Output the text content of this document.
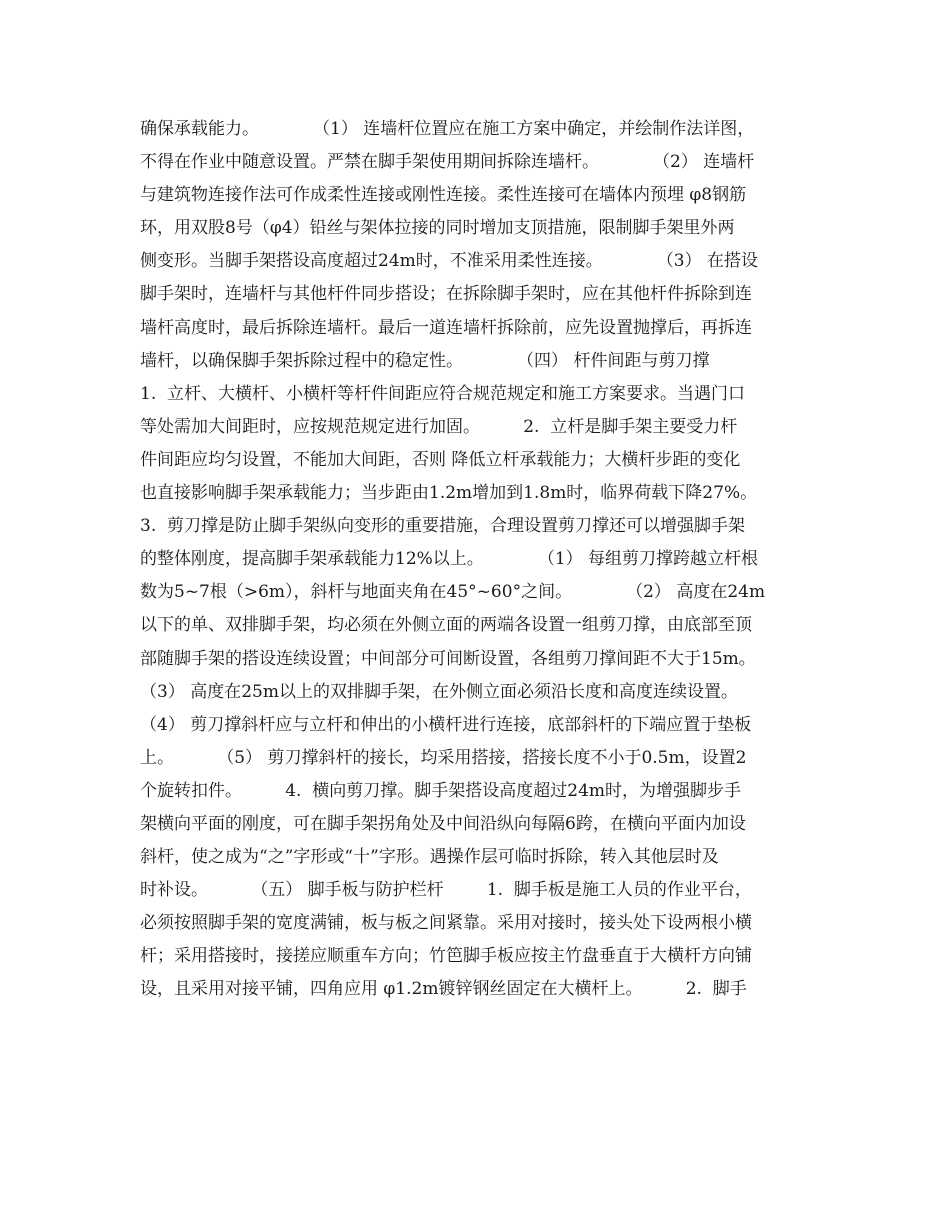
确保承载能力。          （1） 连墙杆位置应在施工方案中确定，并绘制作法详图，
不得在作业中随意设置。严禁在脚手架使用期间拆除连墙杆。          （2） 连墙杆
与建筑物连接作法可作成柔性连接或刚性连接。柔性连接可在墙体内预埋 φ8钢筋
环，用双股8号（φ4）铅丝与架体拉接的同时增加支顶措施，限制脚手架里外两
侧变形。当脚手架搭设高度超过24m时，不准采用柔性连接。          （3） 在搭设
脚手架时，连墙杆与其他杆件同步搭设；在拆除脚手架时，应在其他杆件拆除到连
墙杆高度时，最后拆除连墙杆。最后一道连墙杆拆除前，应先设置抛撑后，再拆连
墙杆，以确保脚手架拆除过程中的稳定性。          （四） 杆件间距与剪刀撑
1.  立杆、大横杆、小横杆等杆件间距应符合规范规定和施工方案要求。当遇门口
等处需加大间距时，应按规范规定进行加固。        2.  立杆是脚手架主要受力杆
件间距应均匀设置，不能加大间距，否则 降低立杆承载能力；大横杆步距的变化
也直接影响脚手架承载能力；当步距由1.2m增加到1.8m时，临界荷载下降27%。
3.  剪刀撑是防止脚手架纵向变形的重要措施，合理设置剪刀撑还可以增强脚手架
的整体刚度，提高脚手架承载能力12%以上。          （1） 每组剪刀撑跨越立杆根
数为5~7根（>6m），斜杆与地面夹角在45°~60°之间。          （2） 高度在24m
以下的单、双排脚手架，均必须在外侧立面的两端各设置一组剪刀撑，由底部至顶
部随脚手架的搭设连续设置；中间部分可间断设置，各组剪刀撑间距不大于15m。
（3） 高度在25m以上的双排脚手架，在外侧立面必须沿长度和高度连续设置。
（4） 剪刀撑斜杆应与立杆和伸出的小横杆进行连接，底部斜杆的下端应置于垫板
上。        （5） 剪刀撑斜杆的接长，均采用搭接，搭接长度不小于0.5m，设置2
个旋转扣件。        4.  横向剪刀撑。脚手架搭设高度超过24m时，为增强脚步手
架横向平面的刚度，可在脚手架拐角处及中间沿纵向每隔6跨，在横向平面内加设
斜杆，使之成为“之”字形或“十”字形。遇操作层可临时拆除，转入其他层时及
时补设。        （五） 脚手板与防护栏杆        1.  脚手板是施工人员的作业平台，
必须按照脚手架的宽度满铺，板与板之间紧靠。采用对接时，接头处下设两根小横
杆；采用搭接时，接搓应顺重车方向；竹笆脚手板应按主竹盘垂直于大横杆方向铺
设，且采用对接平铺，四角应用 φ1.2m镀锌钢丝固定在大横杆上。        2.  脚手
